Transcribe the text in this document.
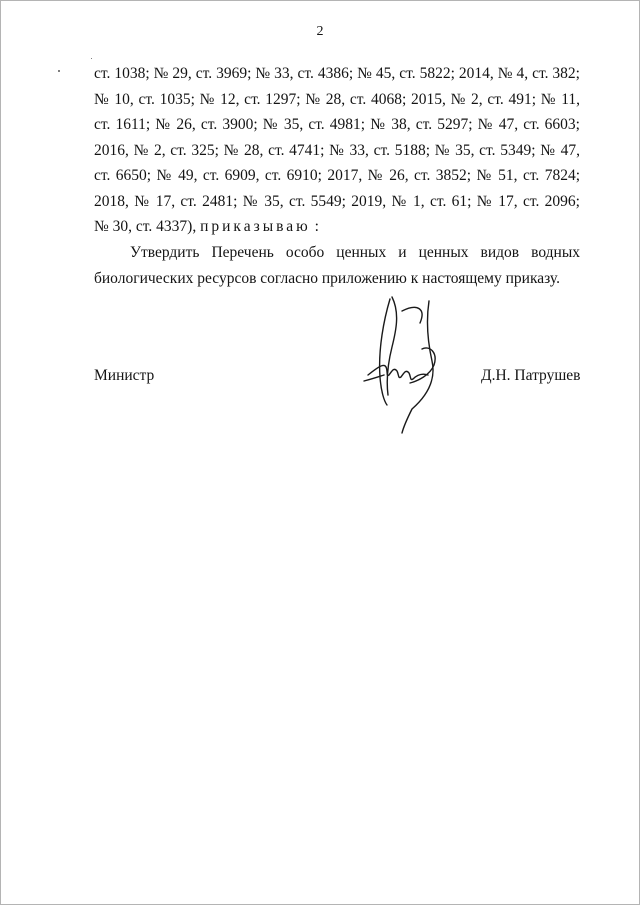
2
ст. 1038; № 29, ст. 3969; № 33, ст. 4386; № 45, ст. 5822; 2014, № 4, ст. 382;
№ 10, ст. 1035; № 12, ст. 1297; № 28, ст. 4068; 2015, № 2, ст. 491; № 11,
ст. 1611; № 26, ст. 3900; № 35, ст. 4981; № 38, ст. 5297; № 47, ст. 6603;
2016, № 2, ст. 325; № 28, ст. 4741; № 33, ст. 5188; № 35, ст. 5349; № 47,
ст. 6650; № 49, ст. 6909, ст. 6910; 2017, № 26, ст. 3852; № 51, ст. 7824;
2018, № 17, ст. 2481; № 35, ст. 5549; 2019, № 1, ст. 61; № 17, ст. 2096;
№ 30, ст. 4337), приказываю :
Утвердить Перечень особо ценных и ценных видов водных
биологических ресурсов согласно приложению к настоящему приказу.
Министр	Д.Н. Патрушев
